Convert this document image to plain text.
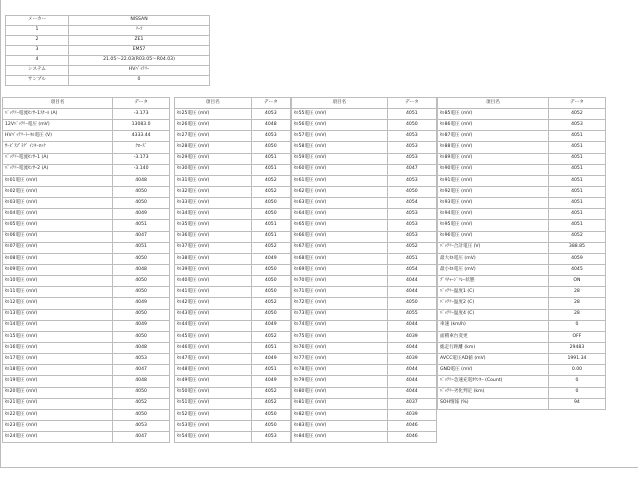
メーカー	NISSAN
1	ﾘｰﾌ
2	ZE1
3	EM57
4	21.05～22.03(R03.05～R04.03)
システム	HVﾊﾞｯﾃﾘｰ
サンプル	0
項目名	データ
ﾊﾞｯﾃﾘｰ電流ｾﾝｻｰ1ｽｹｰﾙ (A)	-3.173
12Vﾊﾞｯﾃﾘｰ電圧 (mV)	13083.0
HVﾊﾞｯﾃﾘｰﾄｰﾀﾙ電圧 (V)	4333.44
ｻｰﾋﾞｽﾌﾟﾗｸﾞ ｲﾝﾀｰﾛｯｸ	ｸﾛｰｽﾞ
ﾊﾞｯﾃﾘｰ電流ｾﾝｻｰ1 (A)	-3.173
ﾊﾞｯﾃﾘｰ電流ｾﾝｻｰ2 (A)	-3.140
ｾﾙ01電圧 (mV)	4048
ｾﾙ02電圧 (mV)	4050
ｾﾙ03電圧 (mV)	4050
ｾﾙ04電圧 (mV)	4049
ｾﾙ05電圧 (mV)	4051
ｾﾙ06電圧 (mV)	4047
ｾﾙ07電圧 (mV)	4051
ｾﾙ08電圧 (mV)	4050
ｾﾙ09電圧 (mV)	4048
ｾﾙ10電圧 (mV)	4050
ｾﾙ11電圧 (mV)	4050
ｾﾙ12電圧 (mV)	4049
ｾﾙ13電圧 (mV)	4050
ｾﾙ14電圧 (mV)	4049
ｾﾙ15電圧 (mV)	4050
ｾﾙ16電圧 (mV)	4048
ｾﾙ17電圧 (mV)	4053
ｾﾙ18電圧 (mV)	4047
ｾﾙ19電圧 (mV)	4048
ｾﾙ20電圧 (mV)	4050
ｾﾙ21電圧 (mV)	4052
ｾﾙ22電圧 (mV)	4050
ｾﾙ23電圧 (mV)	4053
ｾﾙ24電圧 (mV)	4047
項目名	データ
ｾﾙ25電圧 (mV)	4053
ｾﾙ26電圧 (mV)	4048
ｾﾙ27電圧 (mV)	4053
ｾﾙ28電圧 (mV)	4050
ｾﾙ29電圧 (mV)	4051
ｾﾙ30電圧 (mV)	4051
ｾﾙ31電圧 (mV)	4052
ｾﾙ32電圧 (mV)	4052
ｾﾙ33電圧 (mV)	4050
ｾﾙ34電圧 (mV)	4050
ｾﾙ35電圧 (mV)	4051
ｾﾙ36電圧 (mV)	4051
ｾﾙ37電圧 (mV)	4052
ｾﾙ38電圧 (mV)	4049
ｾﾙ39電圧 (mV)	4050
ｾﾙ40電圧 (mV)	4050
ｾﾙ41電圧 (mV)	4050
ｾﾙ42電圧 (mV)	4052
ｾﾙ43電圧 (mV)	4050
ｾﾙ44電圧 (mV)	4049
ｾﾙ45電圧 (mV)	4052
ｾﾙ46電圧 (mV)	4051
ｾﾙ47電圧 (mV)	4049
ｾﾙ48電圧 (mV)	4051
ｾﾙ49電圧 (mV)	4049
ｾﾙ50電圧 (mV)	4052
ｾﾙ51電圧 (mV)	4052
ｾﾙ52電圧 (mV)	4050
ｾﾙ53電圧 (mV)	4050
ｾﾙ54電圧 (mV)	4053
項目名	データ
ｾﾙ55電圧 (mV)	4051
ｾﾙ56電圧 (mV)	4050
ｾﾙ57電圧 (mV)	4053
ｾﾙ58電圧 (mV)	4053
ｾﾙ59電圧 (mV)	4053
ｾﾙ60電圧 (mV)	4047
ｾﾙ61電圧 (mV)	4053
ｾﾙ62電圧 (mV)	4050
ｾﾙ63電圧 (mV)	4054
ｾﾙ64電圧 (mV)	4053
ｾﾙ65電圧 (mV)	4053
ｾﾙ66電圧 (mV)	4053
ｾﾙ67電圧 (mV)	4052
ｾﾙ68電圧 (mV)	4051
ｾﾙ69電圧 (mV)	4054
ｾﾙ70電圧 (mV)	4044
ｾﾙ71電圧 (mV)	4044
ｾﾙ72電圧 (mV)	4050
ｾﾙ73電圧 (mV)	4055
ｾﾙ74電圧 (mV)	4044
ｾﾙ75電圧 (mV)	4039
ｾﾙ76電圧 (mV)	4044
ｾﾙ77電圧 (mV)	4039
ｾﾙ78電圧 (mV)	4044
ｾﾙ79電圧 (mV)	4044
ｾﾙ80電圧 (mV)	4044
ｾﾙ81電圧 (mV)	4037
ｾﾙ82電圧 (mV)	4039
ｾﾙ83電圧 (mV)	4046
ｾﾙ84電圧 (mV)	4046
項目名	データ
ｾﾙ85電圧 (mV)	4052
ｾﾙ86電圧 (mV)	4053
ｾﾙ87電圧 (mV)	4051
ｾﾙ88電圧 (mV)	4051
ｾﾙ89電圧 (mV)	4051
ｾﾙ90電圧 (mV)	4051
ｾﾙ91電圧 (mV)	4051
ｾﾙ92電圧 (mV)	4051
ｾﾙ93電圧 (mV)	4051
ｾﾙ94電圧 (mV)	4051
ｾﾙ95電圧 (mV)	4051
ｾﾙ96電圧 (mV)	4052
ﾊﾞｯﾃﾘｰ合計電圧 (V)	388.85
最大ｾﾙ電圧 (mV)	4059
最小ｾﾙ電圧 (mV)	4045
ﾌﾟﾘﾁｬｰｼﾞﾘﾚｰ状態	ON
ﾊﾞｯﾃﾘｰ温度1 (C)	28
ﾊﾞｯﾃﾘｰ温度2 (C)	28
ﾊﾞｯﾃﾘｰ温度4 (C)	28
車速 (km/h)	0
面積車台変更	OFF
総走行距離 (km)	29483
AVCC電圧AD値 (mV)	1991.34
GND電圧 (mV)	0.00
ﾊﾞｯﾃﾘｰ急速充電ｶｳﾝﾀｰ (Count)	0
ﾊﾞｯﾃﾘｰ劣化判定 (km)	0
SOH情報 (%)	94
